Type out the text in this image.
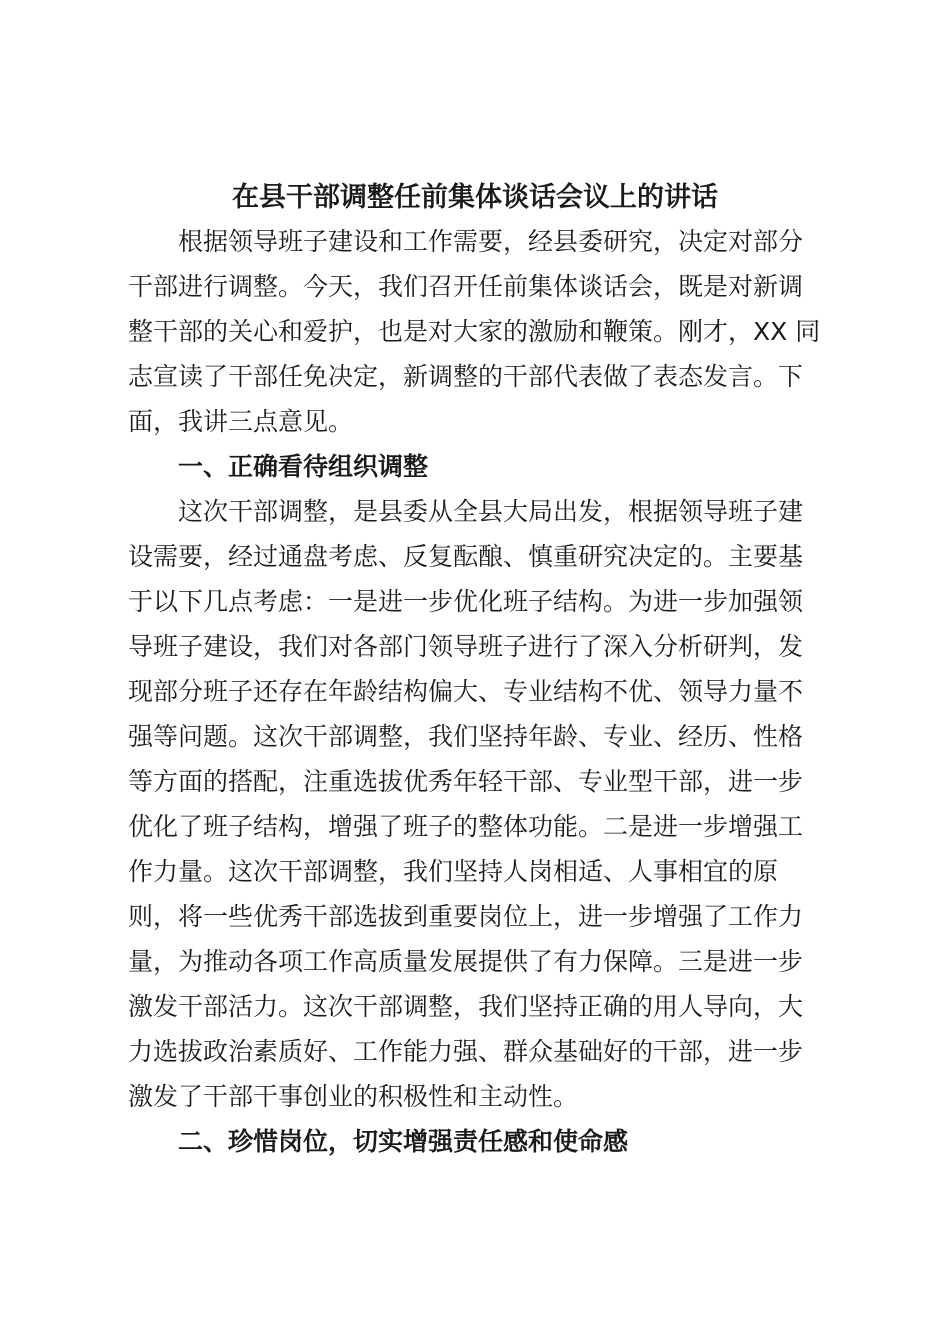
在县干部调整任前集体谈话会议上的讲话

根据领导班子建设和工作需要，经县委研究，决定对部分

干部进行调整。今天，我们召开任前集体谈话会，既是对新调

整干部的关心和爱护，也是对大家的激励和鞭策。刚才，XX 同

志宣读了干部任免决定，新调整的干部代表做了表态发言。下

面，我讲三点意见。

一、正确看待组织调整

这次干部调整，是县委从全县大局出发，根据领导班子建

设需要，经过通盘考虑、反复酝酿、慎重研究决定的。主要基

于以下几点考虑：一是进一步优化班子结构。为进一步加强领

导班子建设，我们对各部门领导班子进行了深入分析研判，发

现部分班子还存在年龄结构偏大、专业结构不优、领导力量不

强等问题。这次干部调整，我们坚持年龄、专业、经历、性格

等方面的搭配，注重选拔优秀年轻干部、专业型干部，进一步

优化了班子结构，增强了班子的整体功能。二是进一步增强工

作力量。这次干部调整，我们坚持人岗相适、人事相宜的原

则，将一些优秀干部选拔到重要岗位上，进一步增强了工作力

量，为推动各项工作高质量发展提供了有力保障。三是进一步

激发干部活力。这次干部调整，我们坚持正确的用人导向，大

力选拔政治素质好、工作能力强、群众基础好的干部，进一步

激发了干部干事创业的积极性和主动性。

二、珍惜岗位，切实增强责任感和使命感
